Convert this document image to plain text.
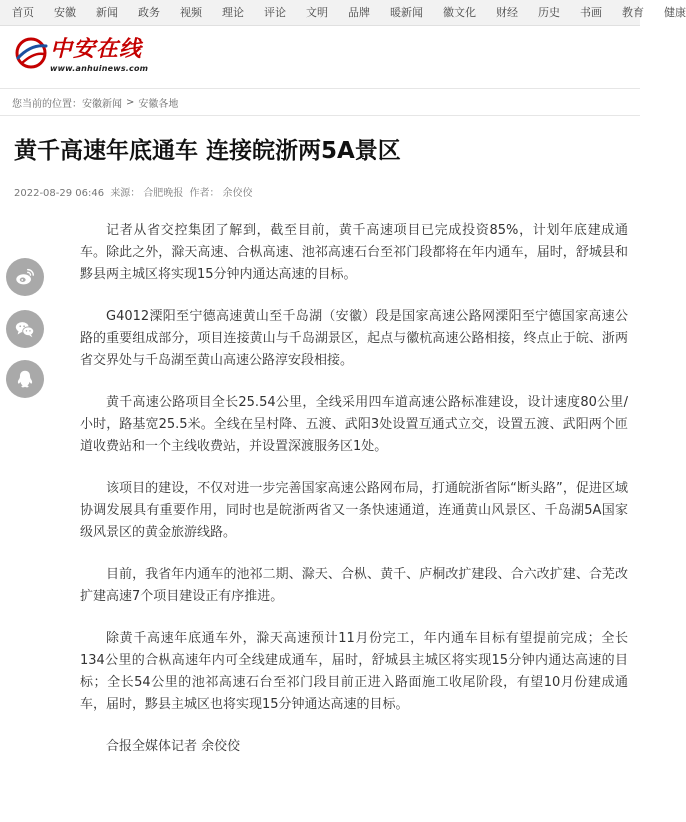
首页 安徽 新闻 政务 视频 理论 评论 文明 品牌 暖新闻 徽文化 财经 历史 书画 教育 健康
中安在线
www.anhuinews.com
您当前的位置： 安徽新闻 > 安徽各地
黄千高速年底通车 连接皖浙两5A景区
2022-08-29 06:46 来源： 合肥晚报 作者： 余佼佼

记者从省交控集团了解到，截至目前，黄千高速项目已完成投资85%，计划年底建成通车。除此之外，滁天高速、合枞高速、池祁高速石台至祁门段都将在年内通车，届时，舒城县和黟县两主城区将实现15分钟内通达高速的目标。

G4012溧阳至宁德高速黄山至千岛湖（安徽）段是国家高速公路网溧阳至宁德国家高速公路的重要组成部分，项目连接黄山与千岛湖景区，起点与徽杭高速公路相接，终点止于皖、浙两省交界处与千岛湖至黄山高速公路淳安段相接。

黄千高速公路项目全长25.54公里，全线采用四车道高速公路标准建设，设计速度80公里/小时，路基宽25.5米。全线在呈村降、五渡、武阳3处设置互通式立交，设置五渡、武阳两个匝道收费站和一个主线收费站，并设置深渡服务区1处。

该项目的建设，不仅对进一步完善国家高速公路网布局，打通皖浙省际“断头路”，促进区域协调发展具有重要作用，同时也是皖浙两省又一条快速通道，连通黄山风景区、千岛湖5A国家级风景区的黄金旅游线路。

目前，我省年内通车的池祁二期、滁天、合枞、黄千、庐桐改扩建段、合六改扩建、合芜改扩建高速7个项目建设正有序推进。

除黄千高速年底通车外，滁天高速预计11月份完工，年内通车目标有望提前完成；全长134公里的合枞高速年内可全线建成通车，届时，舒城县主城区将实现15分钟内通达高速的目标；全长54公里的池祁高速石台至祁门段目前正进入路面施工收尾阶段，有望10月份建成通车，届时，黟县主城区也将实现15分钟通达高速的目标。

合报全媒体记者 余佼佼
